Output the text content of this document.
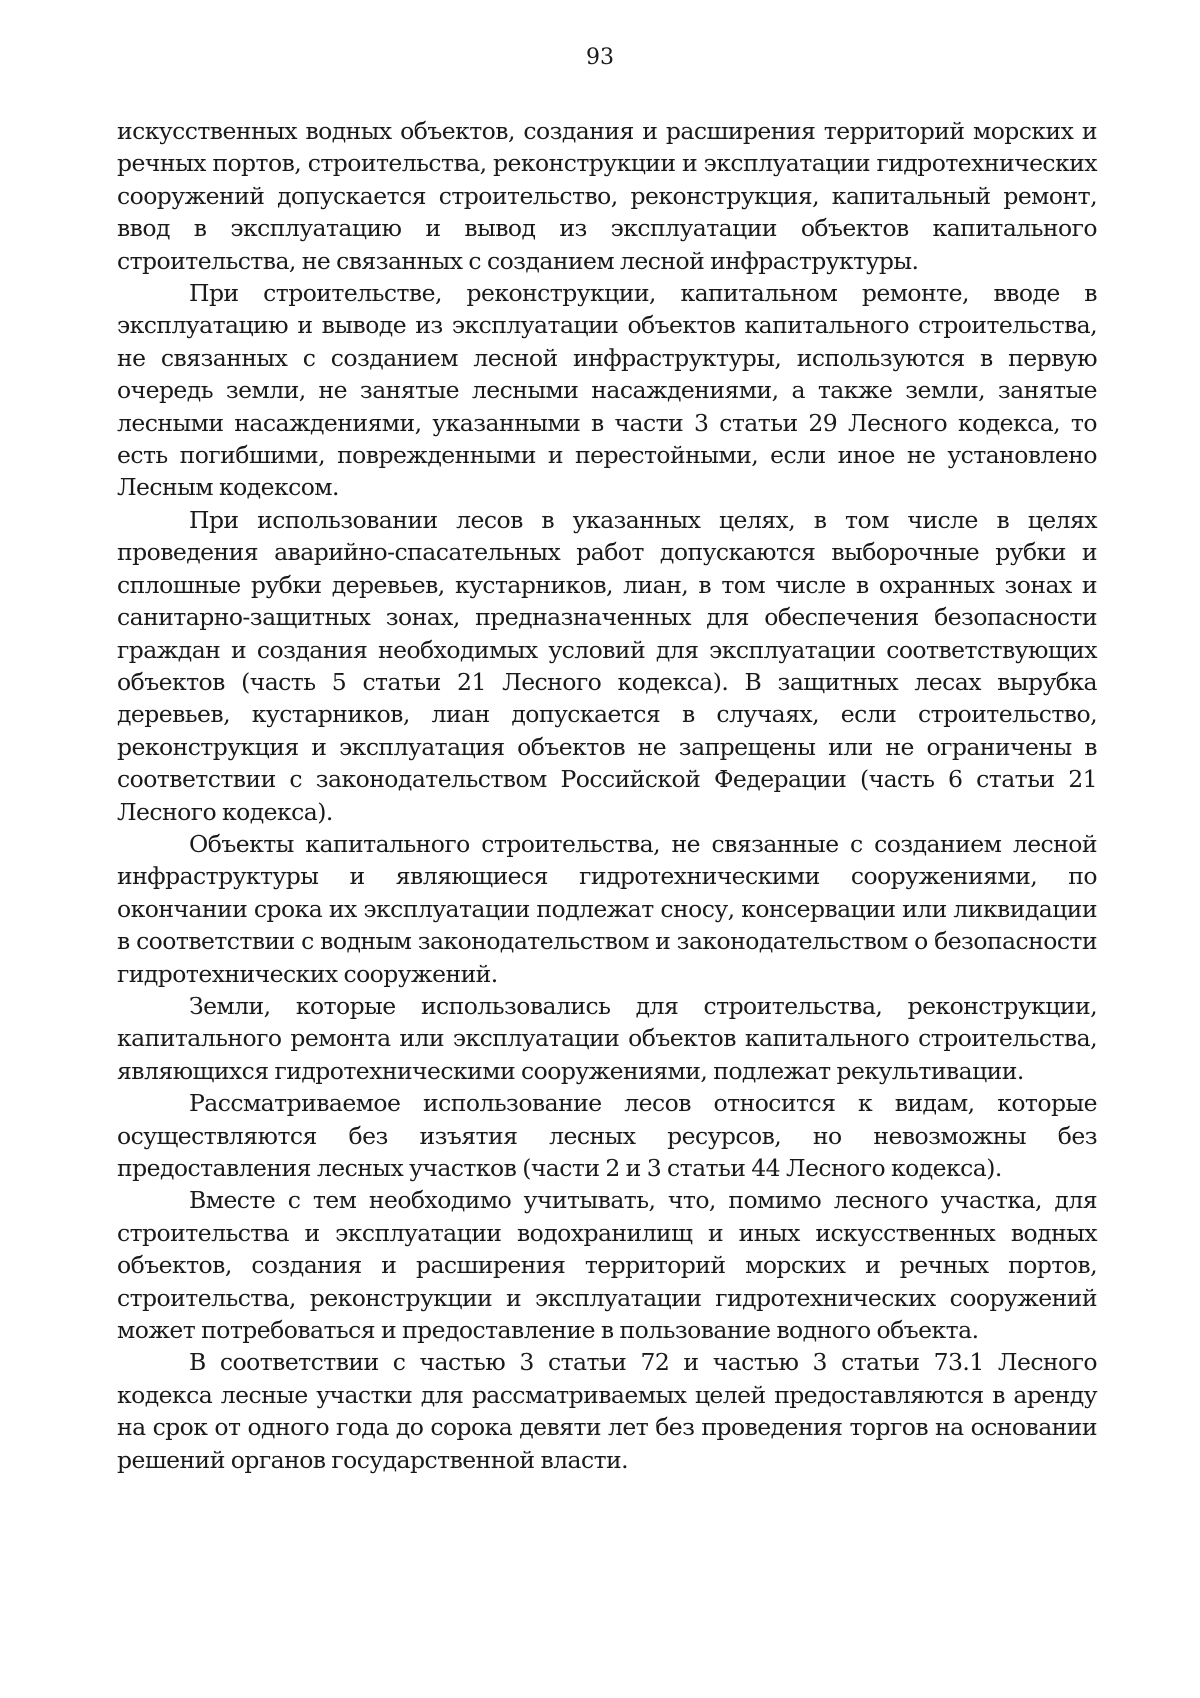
93

искусственных водных объектов, создания и расширения территорий морских и речных портов, строительства, реконструкции и эксплуатации гидротехнических сооружений допускается строительство, реконструкция, капитальный ремонт, ввод в эксплуатацию и вывод из эксплуатации объектов капитального строительства, не связанных с созданием лесной инфраструктуры.

При строительстве, реконструкции, капитальном ремонте, вводе в эксплуатацию и выводе из эксплуатации объектов капитального строительства, не связанных с созданием лесной инфраструктуры, используются в первую очередь земли, не занятые лесными насаждениями, а также земли, занятые лесными насаждениями, указанными в части 3 статьи 29 Лесного кодекса, то есть погибшими, поврежденными и перестойными, если иное не установлено Лесным кодексом.

При использовании лесов в указанных целях, в том числе в целях проведения аварийно-спасательных работ допускаются выборочные рубки и сплошные рубки деревьев, кустарников, лиан, в том числе в охранных зонах и санитарно-защитных зонах, предназначенных для обеспечения безопасности граждан и создания необходимых условий для эксплуатации соответствующих объектов (часть 5 статьи 21 Лесного кодекса). В защитных лесах вырубка деревьев, кустарников, лиан допускается в случаях, если строительство, реконструкция и эксплуатация объектов не запрещены или не ограничены в соответствии с законодательством Российской Федерации (часть 6 статьи 21 Лесного кодекса).

Объекты капитального строительства, не связанные с созданием лесной инфраструктуры и являющиеся гидротехническими сооружениями, по окончании срока их эксплуатации подлежат сносу, консервации или ликвидации в соответствии с водным законодательством и законодательством о безопасности гидротехнических сооружений.

Земли, которые использовались для строительства, реконструкции, капитального ремонта или эксплуатации объектов капитального строительства, являющихся гидротехническими сооружениями, подлежат рекультивации.

Рассматриваемое использование лесов относится к видам, которые осуществляются без изъятия лесных ресурсов, но невозможны без предоставления лесных участков (части 2 и 3 статьи 44 Лесного кодекса).

Вместе с тем необходимо учитывать, что, помимо лесного участка, для строительства и эксплуатации водохранилищ и иных искусственных водных объектов, создания и расширения территорий морских и речных портов, строительства, реконструкции и эксплуатации гидротехнических сооружений может потребоваться и предоставление в пользование водного объекта.

В соответствии с частью 3 статьи 72 и частью 3 статьи 73.1 Лесного кодекса лесные участки для рассматриваемых целей предоставляются в аренду на срок от одного года до сорока девяти лет без проведения торгов на основании решений органов государственной власти.
